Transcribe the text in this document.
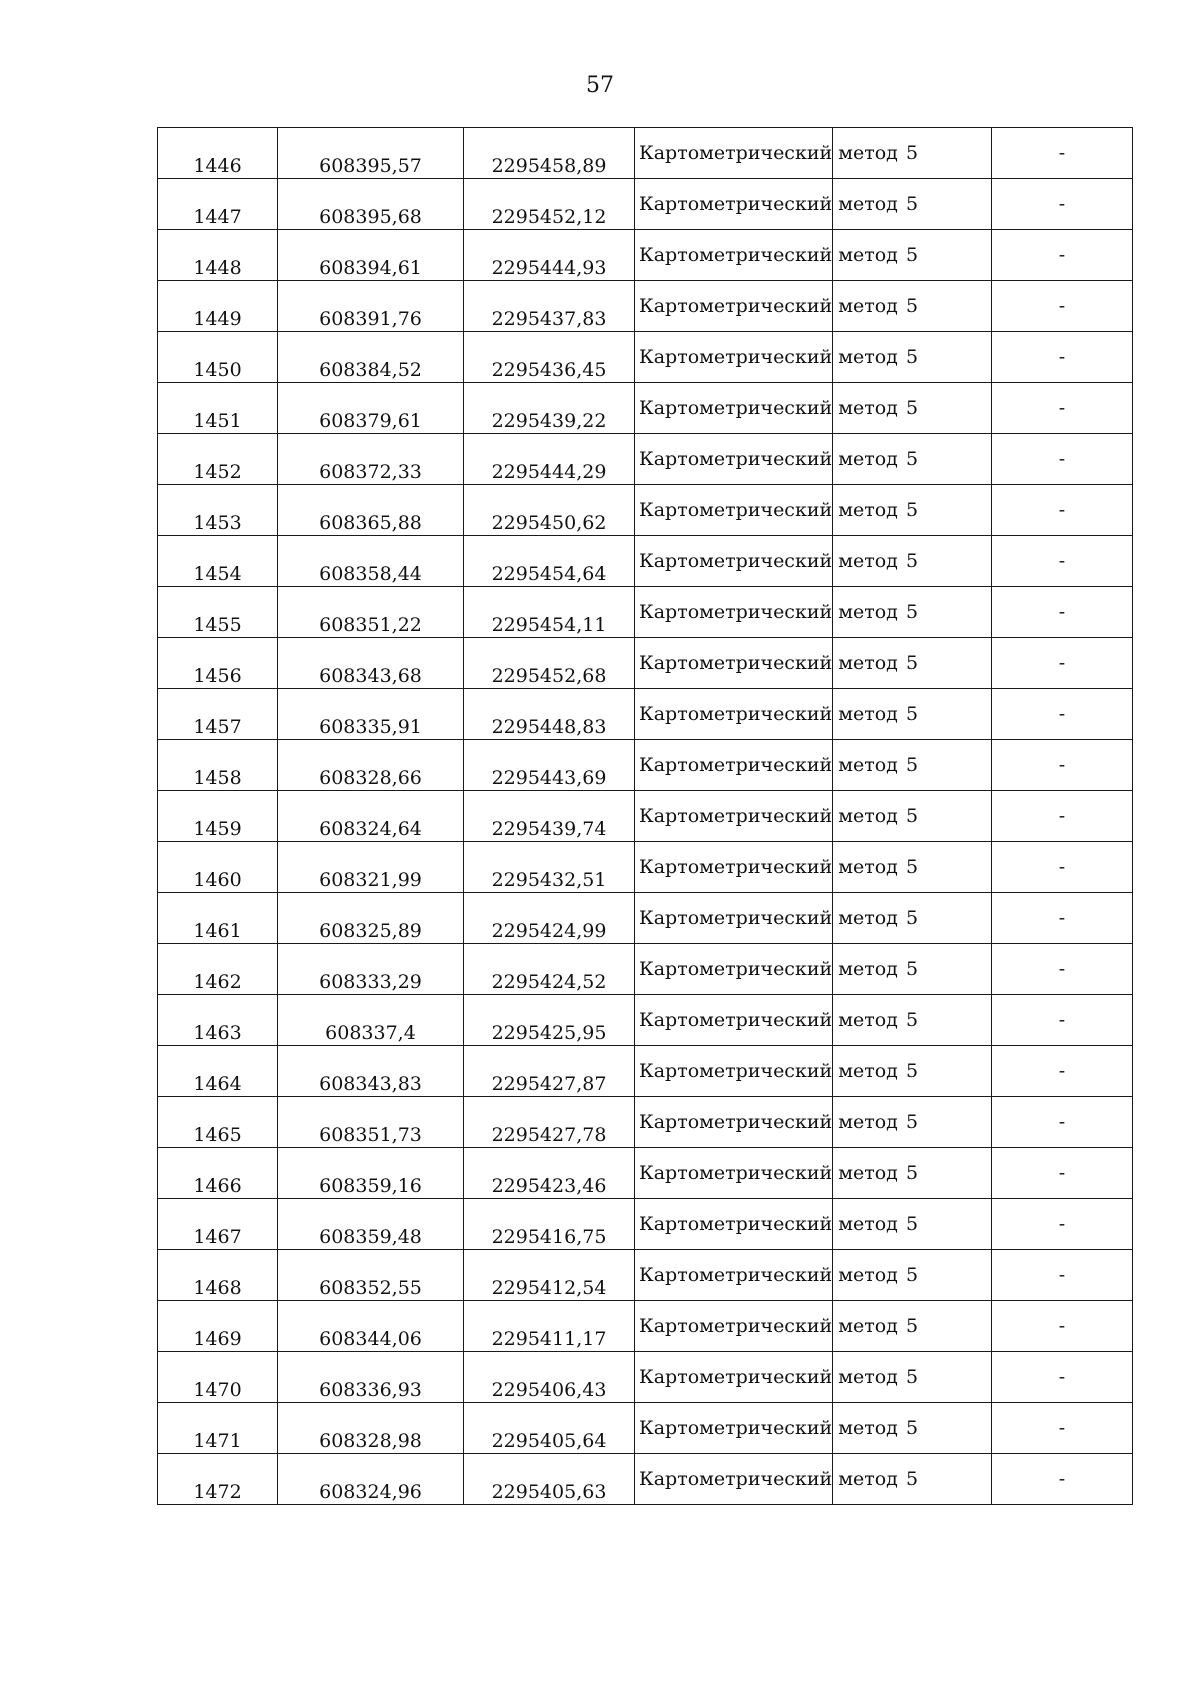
57
1446	608395,57	2295458,89	Картометрический метод	5	-
1447	608395,68	2295452,12	Картометрический метод	5	-
1448	608394,61	2295444,93	Картометрический метод	5	-
1449	608391,76	2295437,83	Картометрический метод	5	-
1450	608384,52	2295436,45	Картометрический метод	5	-
1451	608379,61	2295439,22	Картометрический метод	5	-
1452	608372,33	2295444,29	Картометрический метод	5	-
1453	608365,88	2295450,62	Картометрический метод	5	-
1454	608358,44	2295454,64	Картометрический метод	5	-
1455	608351,22	2295454,11	Картометрический метод	5	-
1456	608343,68	2295452,68	Картометрический метод	5	-
1457	608335,91	2295448,83	Картометрический метод	5	-
1458	608328,66	2295443,69	Картометрический метод	5	-
1459	608324,64	2295439,74	Картометрический метод	5	-
1460	608321,99	2295432,51	Картометрический метод	5	-
1461	608325,89	2295424,99	Картометрический метод	5	-
1462	608333,29	2295424,52	Картометрический метод	5	-
1463	608337,4	2295425,95	Картометрический метод	5	-
1464	608343,83	2295427,87	Картометрический метод	5	-
1465	608351,73	2295427,78	Картометрический метод	5	-
1466	608359,16	2295423,46	Картометрический метод	5	-
1467	608359,48	2295416,75	Картометрический метод	5	-
1468	608352,55	2295412,54	Картометрический метод	5	-
1469	608344,06	2295411,17	Картометрический метод	5	-
1470	608336,93	2295406,43	Картометрический метод	5	-
1471	608328,98	2295405,64	Картометрический метод	5	-
1472	608324,96	2295405,63	Картометрический метод	5	-
